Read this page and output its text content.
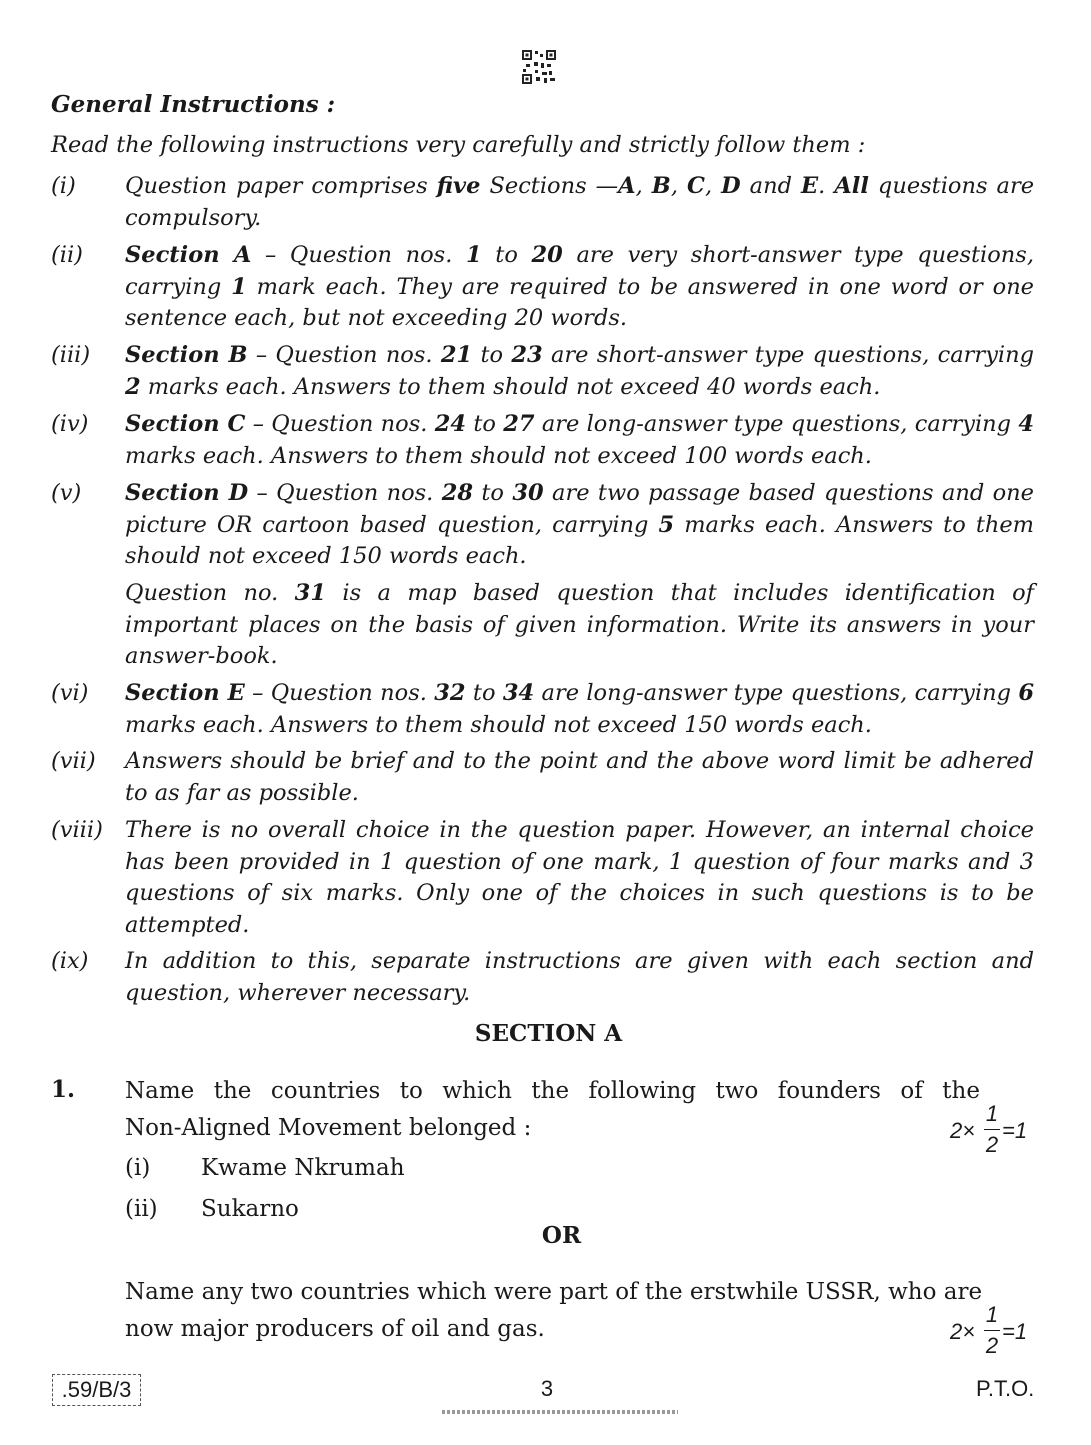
General Instructions :
Read the following instructions very carefully and strictly follow them :
(i) Question paper comprises five Sections —A, B, C, D and E. All questions are compulsory.
(ii) Section A – Question nos. 1 to 20 are very short-answer type questions, carrying 1 mark each. They are required to be answered in one word or one sentence each, but not exceeding 20 words.
(iii) Section B – Question nos. 21 to 23 are short-answer type questions, carrying 2 marks each. Answers to them should not exceed 40 words each.
(iv) Section C – Question nos. 24 to 27 are long-answer type questions, carrying 4 marks each. Answers to them should not exceed 100 words each.
(v) Section D – Question nos. 28 to 30 are two passage based questions and one picture OR cartoon based question, carrying 5 marks each. Answers to them should not exceed 150 words each.
Question no. 31 is a map based question that includes identification of important places on the basis of given information. Write its answers in your answer-book.
(vi) Section E – Question nos. 32 to 34 are long-answer type questions, carrying 6 marks each. Answers to them should not exceed 150 words each.
(vii) Answers should be brief and to the point and the above word limit be adhered to as far as possible.
(viii) There is no overall choice in the question paper. However, an internal choice has been provided in 1 question of one mark, 1 question of four marks and 3 questions of six marks. Only one of the choices in such questions is to be attempted.
(ix) In addition to this, separate instructions are given with each section and question, wherever necessary.
SECTION A
1. Name the countries to which the following two founders of the
Non-Aligned Movement belonged :	2×
1
2
=1
(i) Kwame Nkrumah
(ii) Sukarno
OR
Name any two countries which were part of the erstwhile USSR, who are
now major producers of oil and gas.	2×
1
2
=1
.59/B/3	3	P.T.O.
